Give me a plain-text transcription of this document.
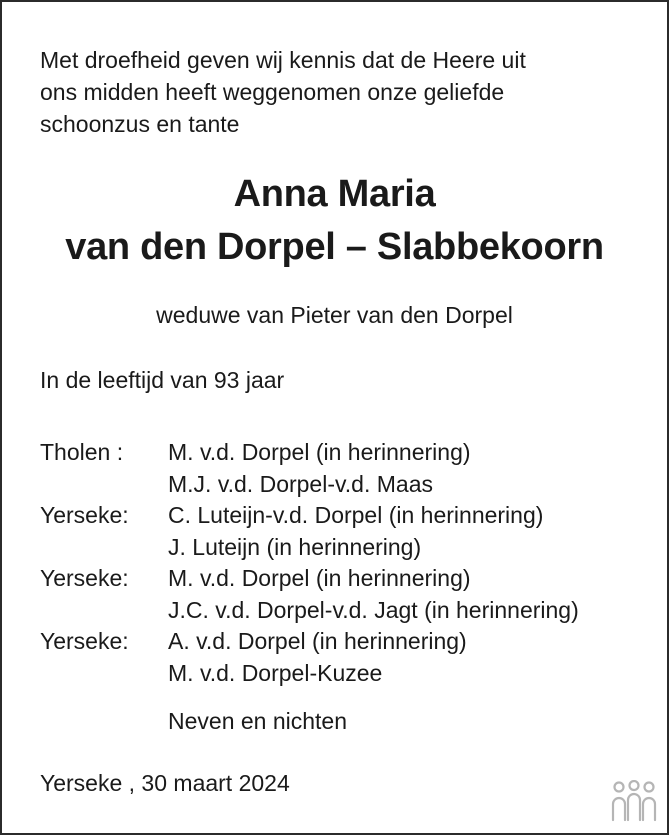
Met droefheid geven wij kennis dat de Heere uit
ons midden heeft weggenomen onze geliefde
schoonzus en tante
Anna Maria
van den Dorpel – Slabbekoorn
weduwe van Pieter van den Dorpel
In de leeftijd van 93 jaar
Tholen :	M. v.d. Dorpel (in herinnering)
M.J. v.d. Dorpel-v.d. Maas
Yerseke:	C. Luteijn-v.d. Dorpel (in herinnering)
J. Luteijn (in herinnering)
Yerseke:	M. v.d. Dorpel (in herinnering)
J.C. v.d. Dorpel-v.d. Jagt (in herinnering)
Yerseke:	A. v.d. Dorpel (in herinnering)
M. v.d. Dorpel-Kuzee
Neven en nichten
Yerseke , 30 maart 2024
